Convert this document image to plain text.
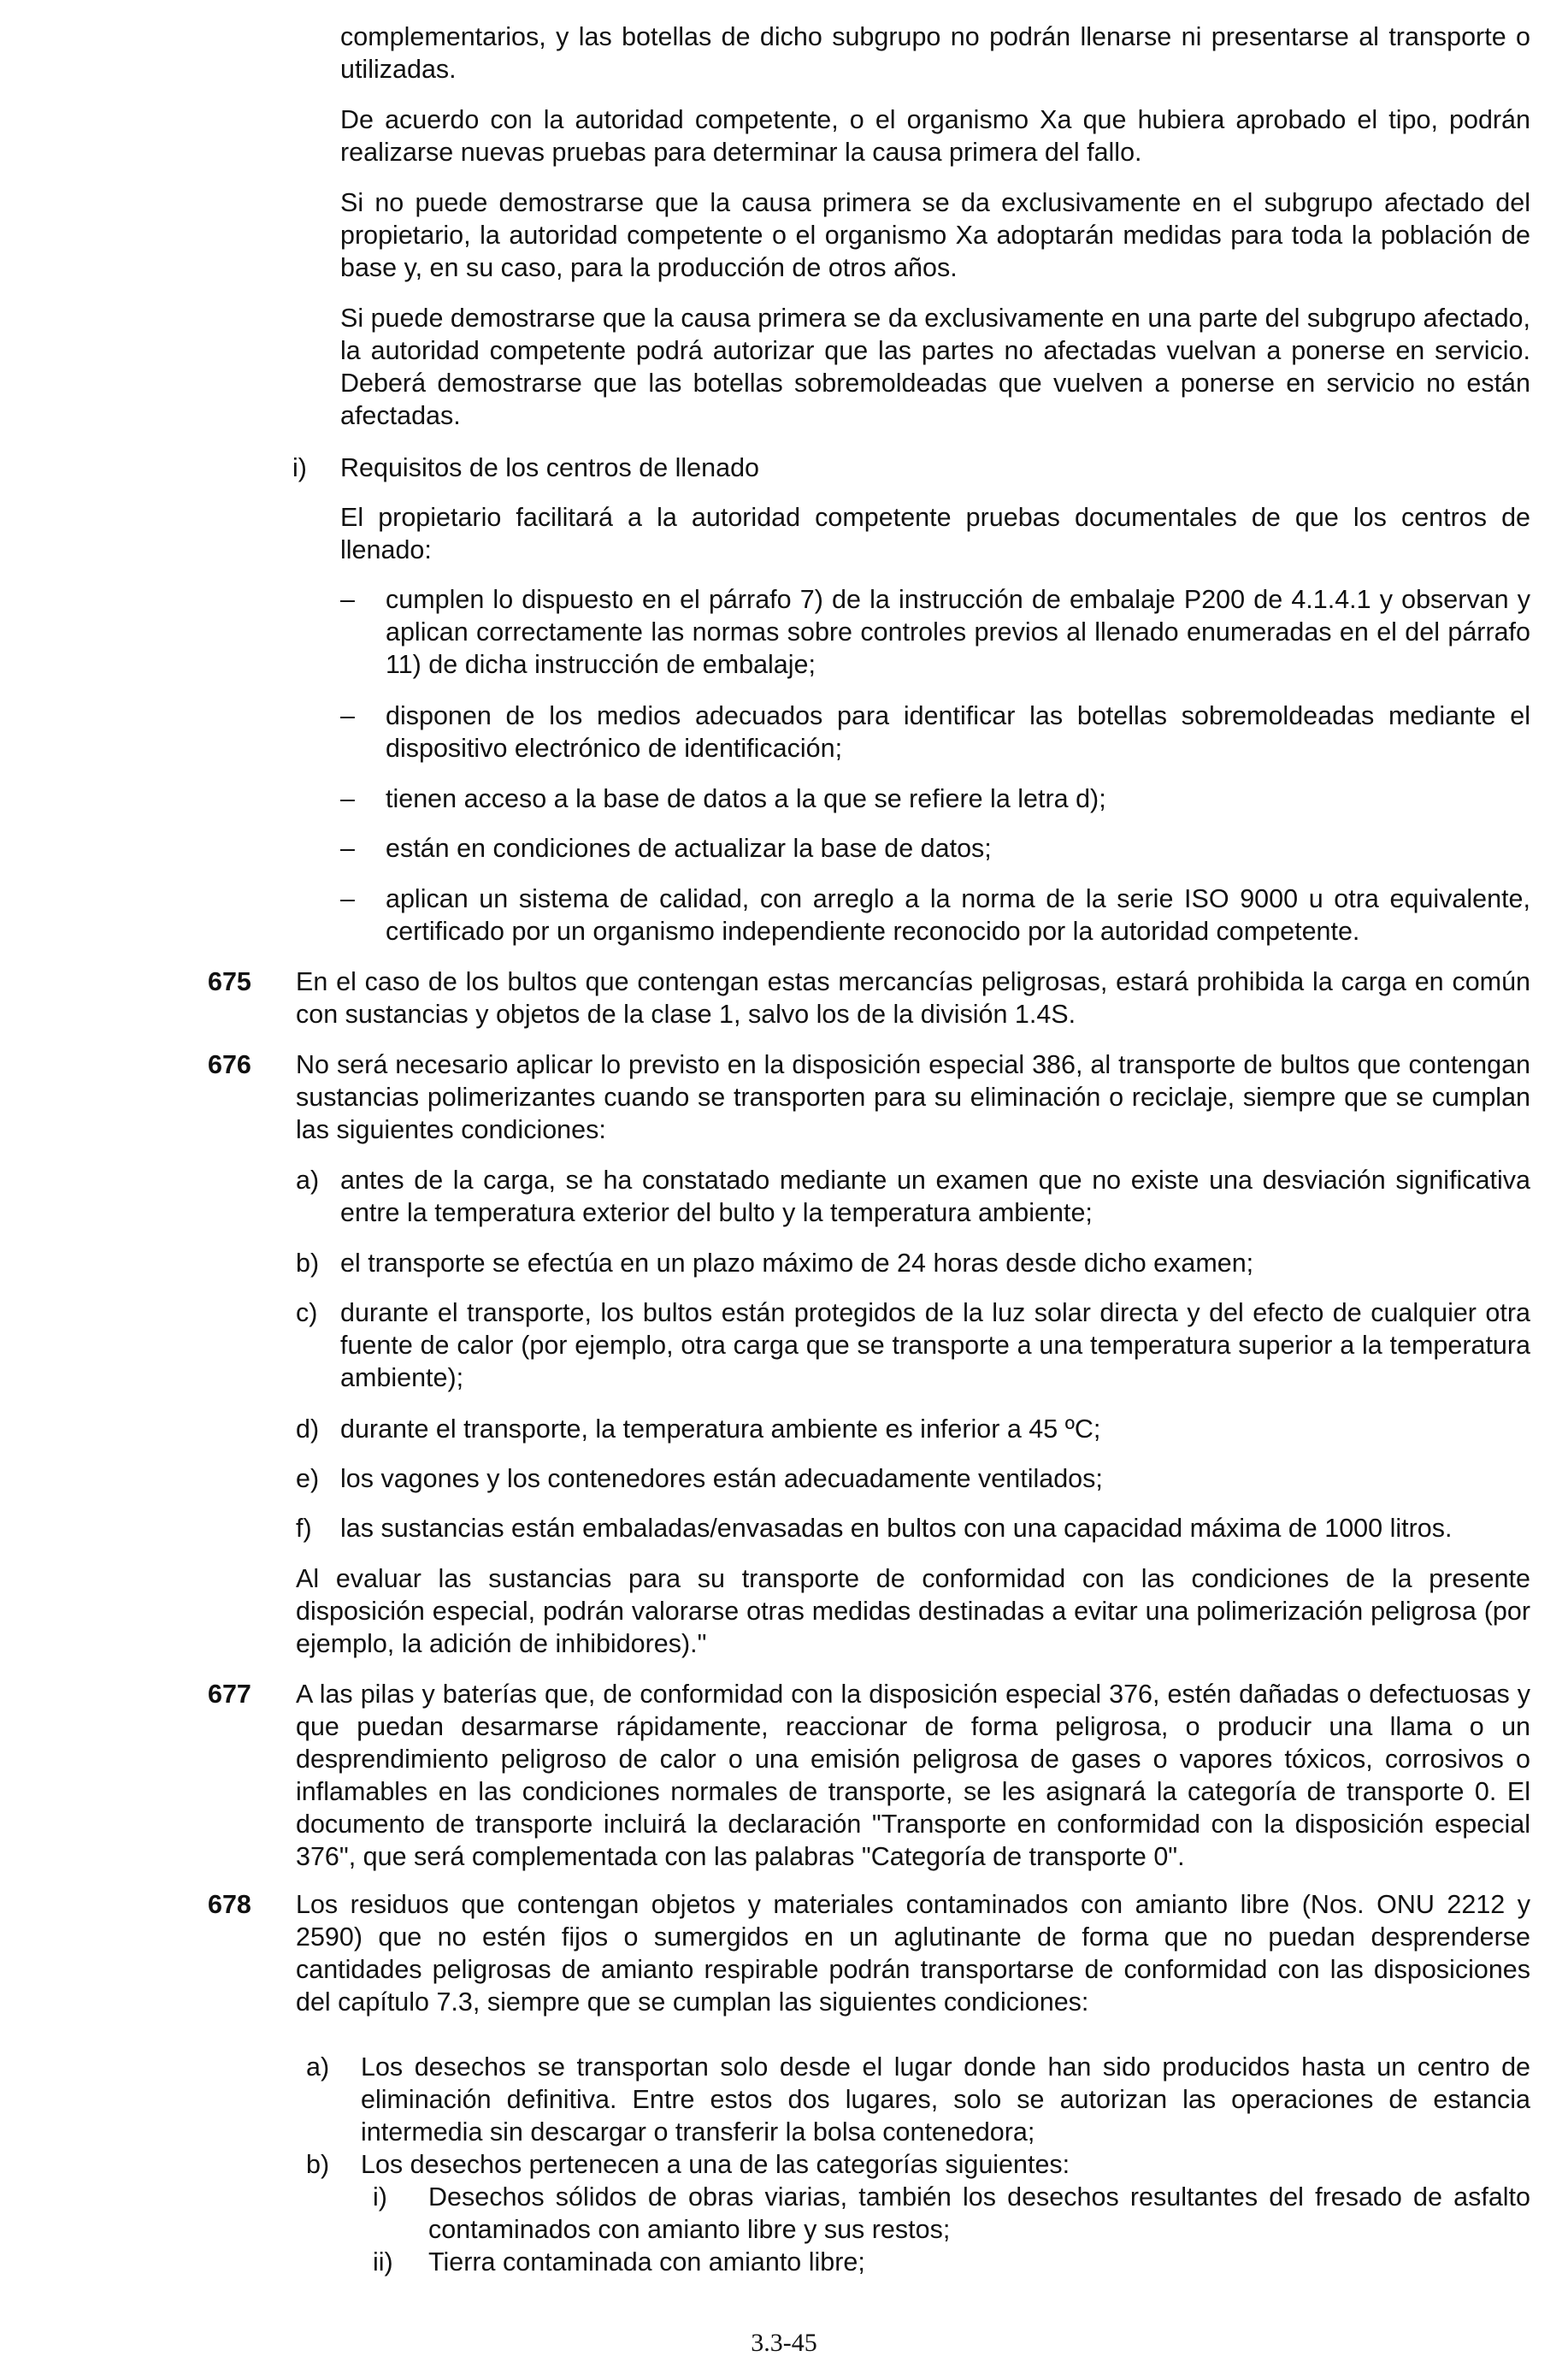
complementarios, y las botellas de dicho subgrupo no podrán llenarse ni presentarse al transporte o utilizadas.

De acuerdo con la autoridad competente, o el organismo Xa que hubiera aprobado el tipo, podrán realizarse nuevas pruebas para determinar la causa primera del fallo.

Si no puede demostrarse que la causa primera se da exclusivamente en el subgrupo afectado del propietario, la autoridad competente o el organismo Xa adoptarán medidas para toda la población de base y, en su caso, para la producción de otros años.

Si puede demostrarse que la causa primera se da exclusivamente en una parte del subgrupo afectado, la autoridad competente podrá autorizar que las partes no afectadas vuelvan a ponerse en servicio. Deberá demostrarse que las botellas sobremoldeadas que vuelven a ponerse en servicio no están afectadas.

i) Requisitos de los centros de llenado

El propietario facilitará a la autoridad competente pruebas documentales de que los centros de llenado:

– cumplen lo dispuesto en el párrafo 7) de la instrucción de embalaje P200 de 4.1.4.1 y observan y aplican correctamente las normas sobre controles previos al llenado enumeradas en el del párrafo 11) de dicha instrucción de embalaje;

– disponen de los medios adecuados para identificar las botellas sobremoldeadas mediante el dispositivo electrónico de identificación;

– tienen acceso a la base de datos a la que se refiere la letra d);

– están en condiciones de actualizar la base de datos;

– aplican un sistema de calidad, con arreglo a la norma de la serie ISO 9000 u otra equivalente, certificado por un organismo independiente reconocido por la autoridad competente.

675 En el caso de los bultos que contengan estas mercancías peligrosas, estará prohibida la carga en común con sustancias y objetos de la clase 1, salvo los de la división 1.4S.

676 No será necesario aplicar lo previsto en la disposición especial 386, al transporte de bultos que contengan sustancias polimerizantes cuando se transporten para su eliminación o reciclaje, siempre que se cumplan las siguientes condiciones:

a) antes de la carga, se ha constatado mediante un examen que no existe una desviación significativa entre la temperatura exterior del bulto y la temperatura ambiente;

b) el transporte se efectúa en un plazo máximo de 24 horas desde dicho examen;

c) durante el transporte, los bultos están protegidos de la luz solar directa y del efecto de cualquier otra fuente de calor (por ejemplo, otra carga que se transporte a una temperatura superior a la temperatura ambiente);

d) durante el transporte, la temperatura ambiente es inferior a 45 ºC;

e) los vagones y los contenedores están adecuadamente ventilados;

f) las sustancias están embaladas/envasadas en bultos con una capacidad máxima de 1000 litros.

Al evaluar las sustancias para su transporte de conformidad con las condiciones de la presente disposición especial, podrán valorarse otras medidas destinadas a evitar una polimerización peligrosa (por ejemplo, la adición de inhibidores)."

677 A las pilas y baterías que, de conformidad con la disposición especial 376, estén dañadas o defectuosas y que puedan desarmarse rápidamente, reaccionar de forma peligrosa, o producir una llama o un desprendimiento peligroso de calor o una emisión peligrosa de gases o vapores tóxicos, corrosivos o inflamables en las condiciones normales de transporte, se les asignará la categoría de transporte 0. El documento de transporte incluirá la declaración "Transporte en conformidad con la disposición especial 376", que será complementada con las palabras "Categoría de transporte 0".

678 Los residuos que contengan objetos y materiales contaminados con amianto libre (Nos. ONU 2212 y 2590) que no estén fijos o sumergidos en un aglutinante de forma que no puedan desprenderse cantidades peligrosas de amianto respirable podrán transportarse de conformidad con las disposiciones del capítulo 7.3, siempre que se cumplan las siguientes condiciones:

a) Los desechos se transportan solo desde el lugar donde han sido producidos hasta un centro de eliminación definitiva. Entre estos dos lugares, solo se autorizan las operaciones de estancia intermedia sin descargar o transferir la bolsa contenedora;

b) Los desechos pertenecen a una de las categorías siguientes:

i) Desechos sólidos de obras viarias, también los desechos resultantes del fresado de asfalto contaminados con amianto libre y sus restos;

ii) Tierra contaminada con amianto libre;

3.3-45
